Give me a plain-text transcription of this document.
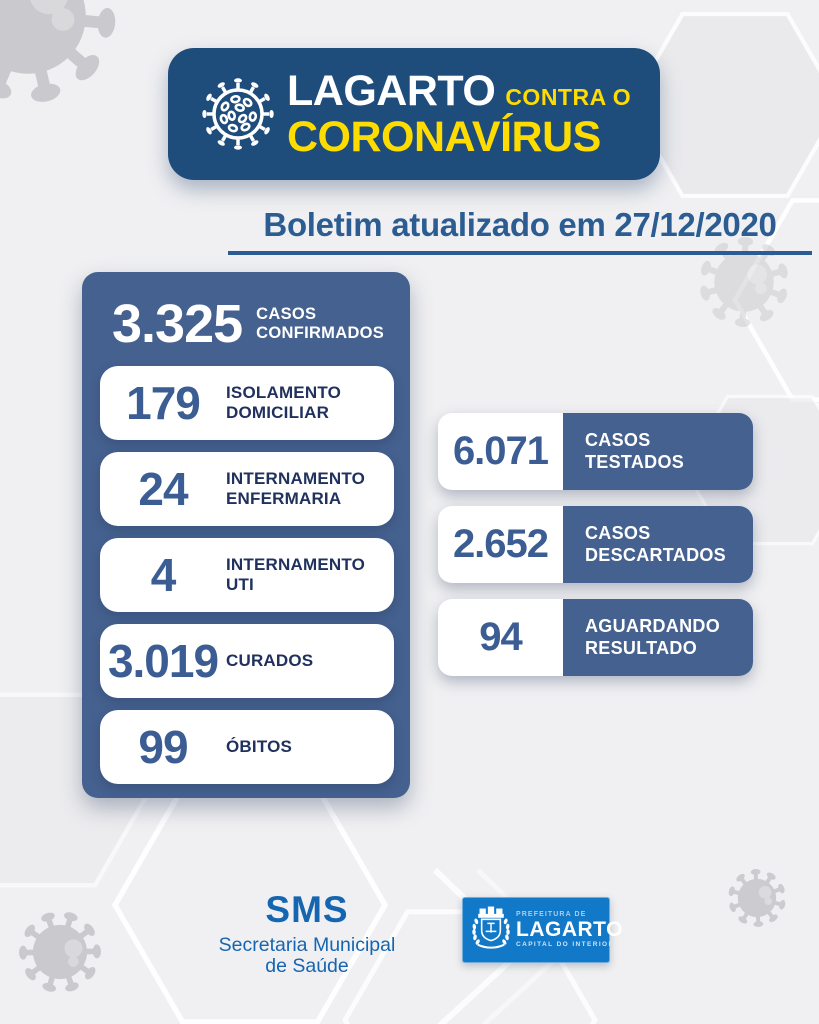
LAGARTO CONTRA O
CORONAVÍRUS
Boletim atualizado em 27/12/2020
3.325 CASOS CONFIRMADOS
179	ISOLAMENTO DOMICILIAR
24	INTERNAMENTO ENFERMARIA
4	INTERNAMENTO UTI
3.019 CURADOS
99	ÓBITOS
6.071	CASOS TESTADOS
2.652	CASOS DESCARTADOS
94	AGUARDANDO RESULTADO
SMS
Secretaria Municipal
de Saúde
PREFEITURA DE
LAGARTO
CAPITAL DO INTERIOR
